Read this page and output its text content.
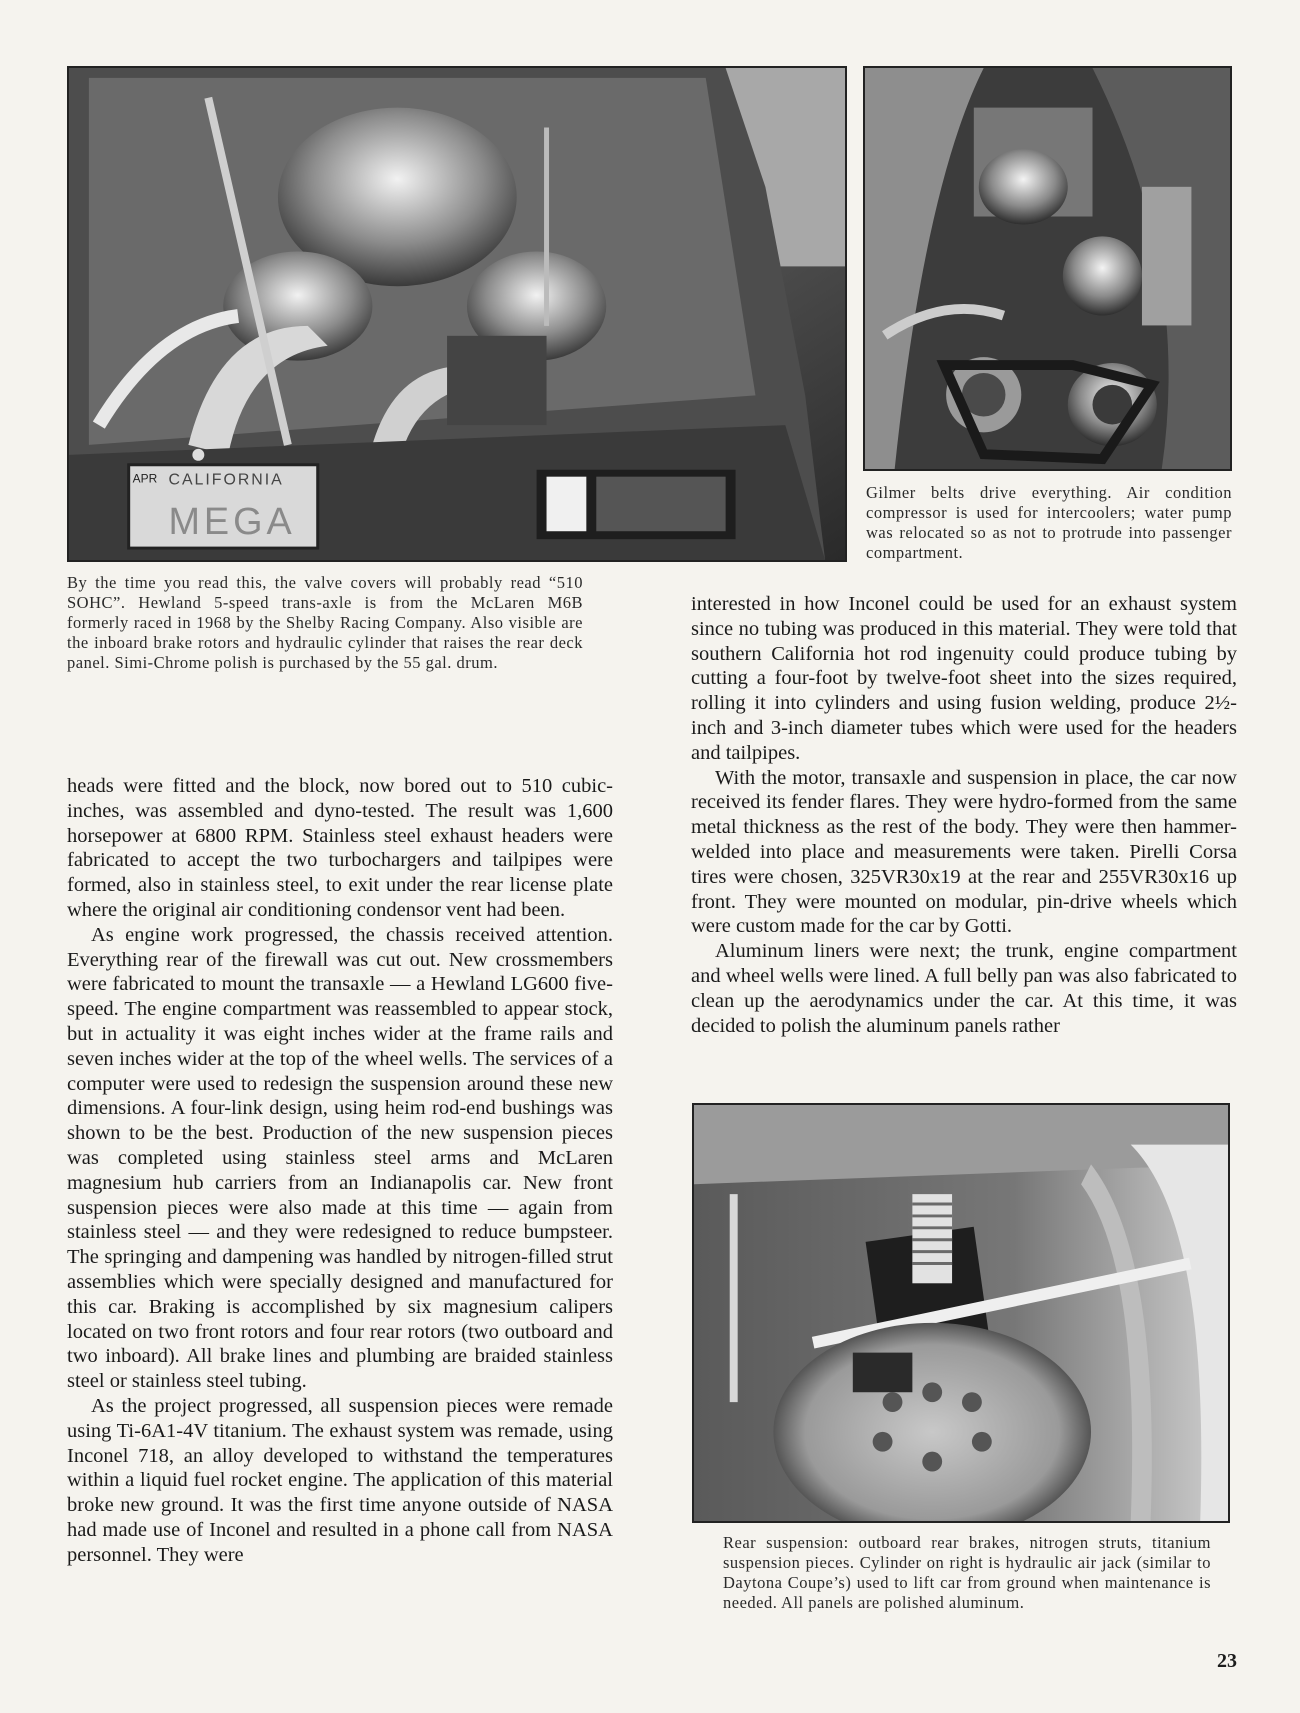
APR CALIFORNIA
MEGA
Gilmer belts drive everything. Air condition compressor is used for intercoolers; water pump was relocated so as not to protrude into passenger compartment.
By the time you read this, the valve covers will probably read “510 SOHC”. Hewland 5-speed trans-axle is from the McLaren M6B formerly raced in 1968 by the Shelby Racing Company. Also visible are the inboard brake rotors and hydraulic cylinder that raises the rear deck panel. Simi-Chrome polish is purchased by the 55 gal. drum.

heads were fitted and the block, now bored out to 510 cubic-inches, was assembled and dyno-tested. The result was 1,600 horsepower at 6800 RPM. Stainless steel exhaust headers were fabricated to accept the two turbochargers and tailpipes were formed, also in stainless steel, to exit under the rear license plate where the original air conditioning condensor vent had been.

As engine work progressed, the chassis received attention. Everything rear of the firewall was cut out. New crossmembers were fabricated to mount the transaxle — a Hewland LG600 five-speed. The engine compartment was reassembled to appear stock, but in actuality it was eight inches wider at the frame rails and seven inches wider at the top of the wheel wells. The services of a computer were used to redesign the suspension around these new dimensions. A four-link design, using heim rod-end bushings was shown to be the best. Production of the new suspension pieces was completed using stainless steel arms and McLaren magnesium hub carriers from an Indianapolis car. New front suspension pieces were also made at this time — again from stainless steel — and they were redesigned to reduce bumpsteer. The springing and dampening was handled by nitrogen-filled strut assemblies which were specially designed and manufactured for this car. Braking is accomplished by six magnesium calipers located on two front rotors and four rear rotors (two outboard and two inboard). All brake lines and plumbing are braided stainless steel or stainless steel tubing.

As the project progressed, all suspension pieces were remade using Ti-6A1-4V titanium. The exhaust system was remade, using Inconel 718, an alloy developed to withstand the temperatures within a liquid fuel rocket engine. The application of this material broke new ground. It was the first time anyone outside of NASA had made use of Inconel and resulted in a phone call from NASA personnel. They were

interested in how Inconel could be used for an exhaust system since no tubing was produced in this material. They were told that southern California hot rod ingenuity could produce tubing by cutting a four-foot by twelve-foot sheet into the sizes required, rolling it into cylinders and using fusion welding, produce 2½-inch and 3-inch diameter tubes which were used for the headers and tailpipes.

With the motor, transaxle and suspension in place, the car now received its fender flares. They were hydro-formed from the same metal thickness as the rest of the body. They were then hammer-welded into place and measurements were taken. Pirelli Corsa tires were chosen, 325VR30x19 at the rear and 255VR30x16 up front. They were mounted on modular, pin-drive wheels which were custom made for the car by Gotti.

Aluminum liners were next; the trunk, engine compartment and wheel wells were lined. A full belly pan was also fabricated to clean up the aerodynamics under the car. At this time, it was decided to polish the aluminum panels rather

Rear suspension: outboard rear brakes, nitrogen struts, titanium suspension pieces. Cylinder on right is hydraulic air jack (similar to Daytona Coupe’s) used to lift car from ground when maintenance is needed. All panels are polished aluminum.
23
